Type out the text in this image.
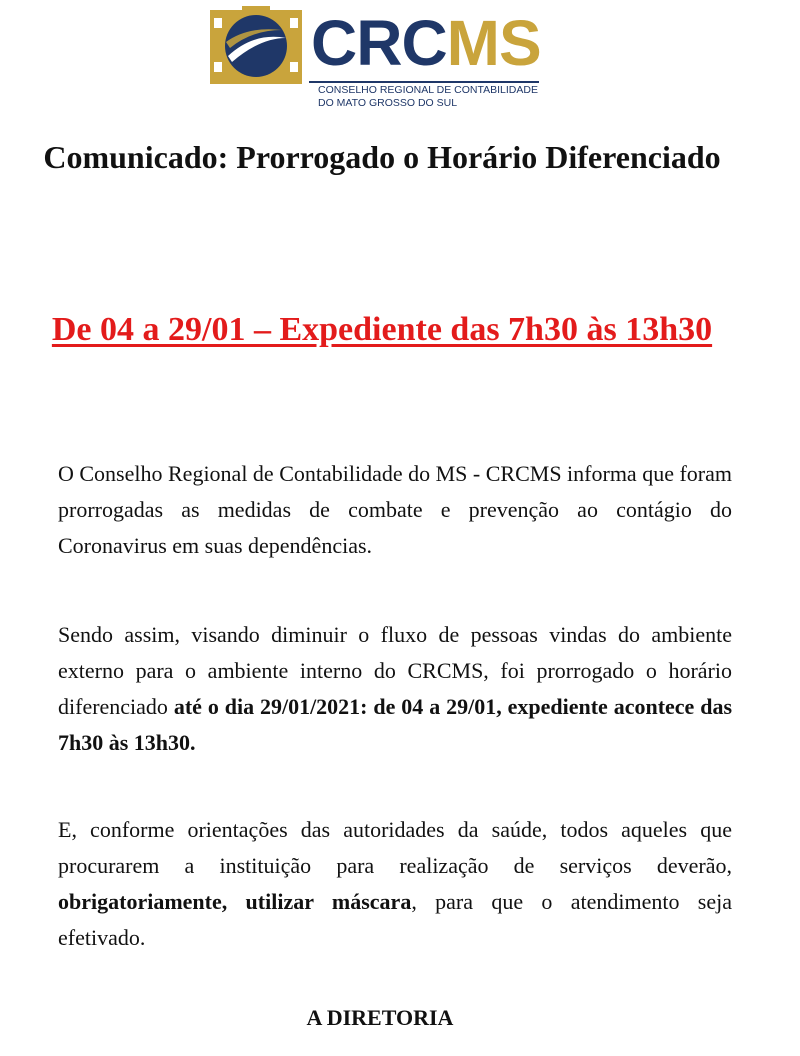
CRCMS
CONSELHO REGIONAL DE CONTABILIDADE
DO MATO GROSSO DO SUL
Comunicado: Prorrogado o Horário Diferenciado
De 04 a 29/01 – Expediente das 7h30 às 13h30

O Conselho Regional de Contabilidade do MS - CRCMS informa que foram prorrogadas as medidas de combate e prevenção ao contágio do Coronavirus em suas dependências.

Sendo assim, visando diminuir o fluxo de pessoas vindas do ambiente externo para o ambiente interno do CRCMS, foi prorrogado o horário diferenciado até o dia 29/01/2021: de 04 a 29/01, expediente acontece das 7h30 às 13h30.

E, conforme orientações das autoridades da saúde, todos aqueles que procurarem a instituição para realização de serviços deverão, obrigatoriamente, utilizar máscara, para que o atendimento seja efetivado.

A DIRETORIA
